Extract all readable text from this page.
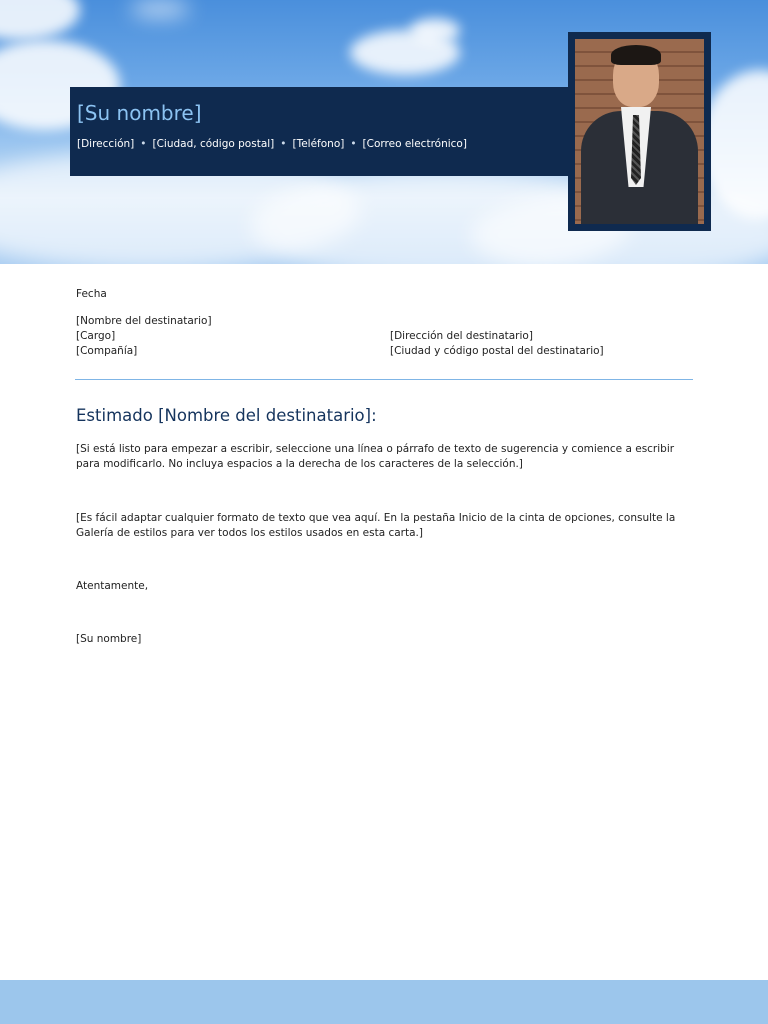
[Su nombre]
[Dirección] • [Ciudad, código postal] • [Teléfono] • [Correo electrónico]
Fecha
[Nombre del destinatario]
[Cargo]
[Compañía]
[Dirección del destinatario]
[Ciudad y código postal del destinatario]
Estimado [Nombre del destinatario]:
[Si está listo para empezar a escribir, seleccione una línea o párrafo de texto de sugerencia y comience a escribir para modificarlo. No incluya espacios a la derecha de los caracteres de la selección.]
[Es fácil adaptar cualquier formato de texto que vea aquí. En la pestaña Inicio de la cinta de opciones, consulte la Galería de estilos para ver todos los estilos usados en esta carta.]
Atentamente,
[Su nombre]
